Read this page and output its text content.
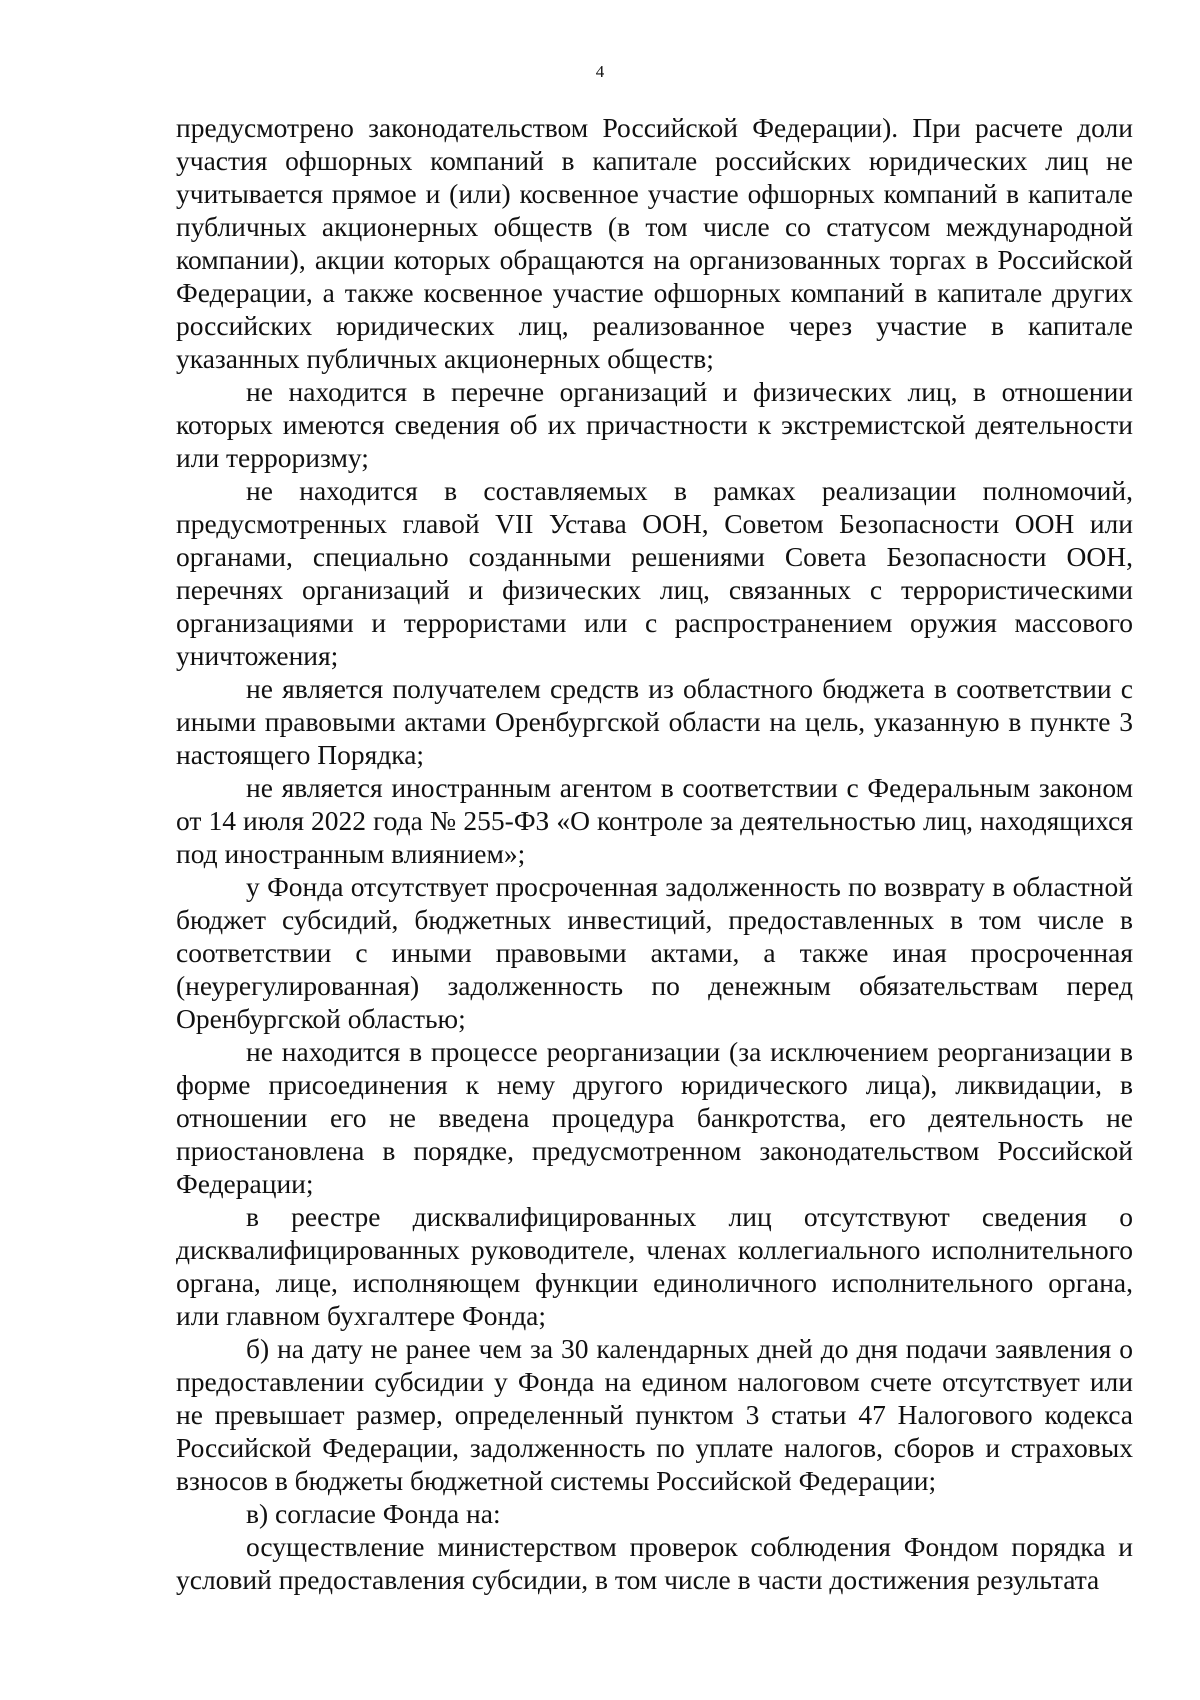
4

предусмотрено законодательством Российской Федерации). При расчете доли участия офшорных компаний в капитале российских юридических лиц не учитывается прямое и (или) косвенное участие офшорных компаний в капитале публичных акционерных обществ (в том числе со статусом международной компании), акции которых обращаются на организованных торгах в Российской Федерации, а также косвенное участие офшорных компаний в капитале других российских юридических лиц, реализованное через участие в капитале указанных публичных акционерных обществ;

не находится в перечне организаций и физических лиц, в отношении которых имеются сведения об их причастности к экстремистской деятельности или терроризму;

не находится в составляемых в рамках реализации полномочий, предусмотренных главой VII Устава ООН, Советом Безопасности ООН или органами, специально созданными решениями Совета Безопасности ООН, перечнях организаций и физических лиц, связанных с террористическими организациями и террористами или с распространением оружия массового уничтожения;

не является получателем средств из областного бюджета в соответствии с иными правовыми актами Оренбургской области на цель, указанную в пункте 3 настоящего Порядка;

не является иностранным агентом в соответствии с Федеральным законом от 14 июля 2022 года № 255-ФЗ «О контроле за деятельностью лиц, находящихся под иностранным влиянием»;

у Фонда отсутствует просроченная задолженность по возврату в областной бюджет субсидий, бюджетных инвестиций, предоставленных в том числе в соответствии с иными правовыми актами, а также иная просроченная (неурегулированная) задолженность по денежным обязательствам перед Оренбургской областью;

не находится в процессе реорганизации (за исключением реорганизации в форме присоединения к нему другого юридического лица), ликвидации, в отношении его не введена процедура банкротства, его деятельность не приостановлена в порядке, предусмотренном законодательством Российской Федерации;

в реестре дисквалифицированных лиц отсутствуют сведения о дисквалифицированных руководителе, членах коллегиального исполнительного органа, лице, исполняющем функции единоличного исполнительного органа, или главном бухгалтере Фонда;

б) на дату не ранее чем за 30 календарных дней до дня подачи заявления о предоставлении субсидии у Фонда на едином налоговом счете отсутствует или не превышает размер, определенный пунктом 3 статьи 47 Налогового кодекса Российской Федерации, задолженность по уплате налогов, сборов и страховых взносов в бюджеты бюджетной системы Российской Федерации;

в) согласие Фонда на:

осуществление министерством проверок соблюдения Фондом порядка и условий предоставления субсидии, в том числе в части достижения результата
